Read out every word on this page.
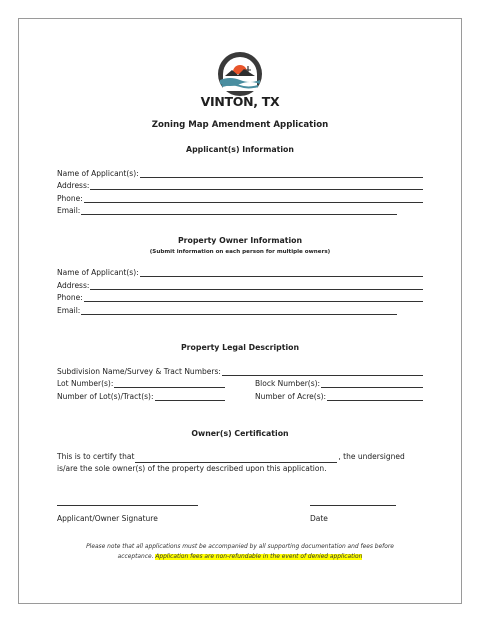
VINTON, TX
Zoning Map Amendment Application
Applicant(s) Information
Name of Applicant(s):
Address:
Phone:
Email:
Property Owner Information
(Submit information on each person for multiple owners)
Name of Applicant(s):
Address:
Phone:
Email:
Property Legal Description
Subdivision Name/Survey & Tract Numbers:
Lot Number(s):	Block Number(s):
Number of Lot(s)/Tract(s):	Number of Acre(s):
Owner(s) Certification
This is to certify that	, the undersigned
is/are the sole owner(s) of the property described upon this application.
Applicant/Owner Signature	Date
Please note that all applications must be accompanied by all supporting documentation and fees before
acceptance. Application fees are non-refundable in the event of denied application
